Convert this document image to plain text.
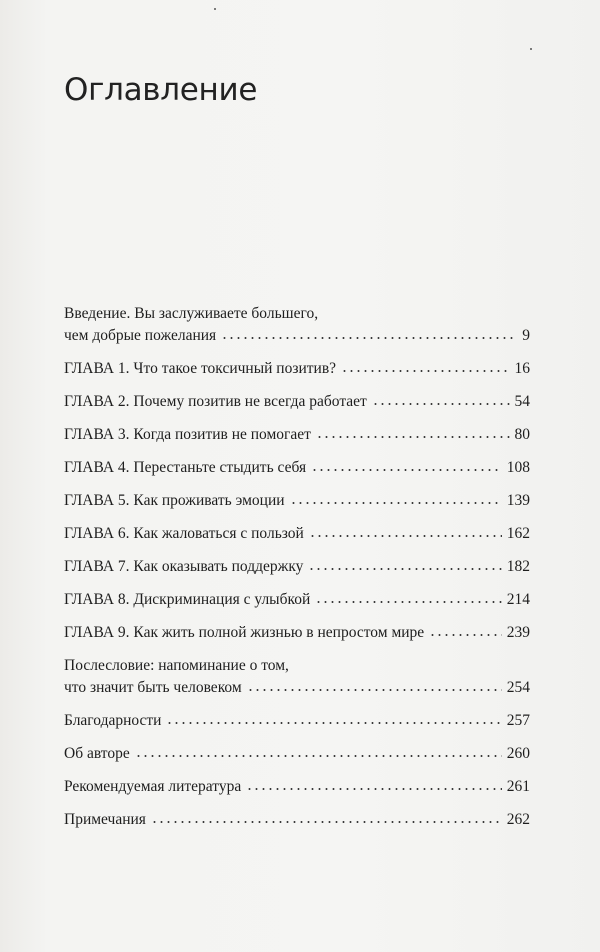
Оглавление
Введение. Вы заслуживаете большего,
чем добрые пожелания	9
ГЛАВА 1. Что такое токсичный позитив?	16
ГЛАВА 2. Почему позитив не всегда работает	54
ГЛАВА 3. Когда позитив не помогает	80
ГЛАВА 4. Перестаньте стыдить себя	108
ГЛАВА 5. Как проживать эмоции	139
ГЛАВА 6. Как жаловаться с пользой	162
ГЛАВА 7. Как оказывать поддержку	182
ГЛАВА 8. Дискриминация с улыбкой	214
ГЛАВА 9. Как жить полной жизнью в непростом мире	239
Послесловие: напоминание о том,
что значит быть человеком	254
Благодарности	257
Об авторе	260
Рекомендуемая литература	261
Примечания	262
